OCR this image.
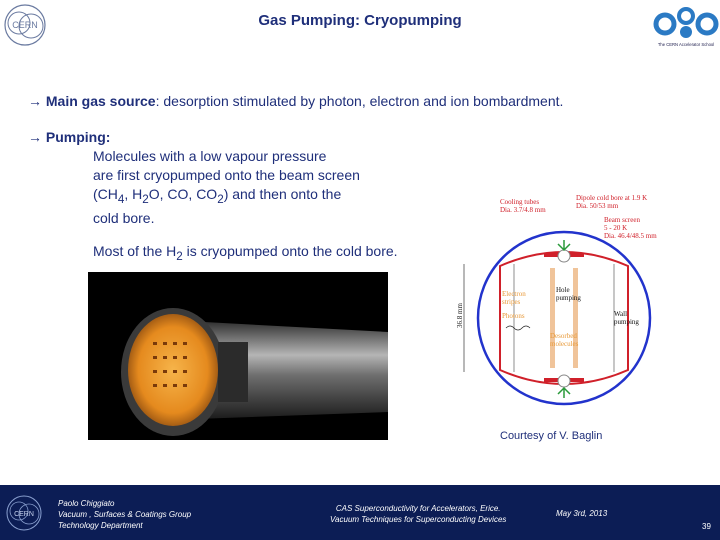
Gas Pumping: Cryopumping
CERN
The CERN Accelerator School
→ Main gas source: desorption stimulated by photon, electron and ion bombardment.
→ Pumping:
Molecules with a low vapour pressure
are first cryopumped onto the beam screen
($CH_4$, $H_2O$, CO, $CO_2$) and then onto the
cold bore.
Most of the $H_2$ is cryopumped onto the cold bore.
Cooling tubes
Dia. 3.7/4.8 mm
Dipole cold bore at 1.9 K
Dia. 50/53 mm
Beam screen
5 - 20 K
Dia. 46.4/48.5 mm
Electron
stripes
Photons
Hole
pumping
Wall
pumping
Desorbed
molecules
36.8 mm
Courtesy of V. Baglin
CERN
Paolo Chiggiato
Vacuum , Surfaces & Coatings Group
Technology Department
CAS Superconductivity for Accelerators, Erice.
Vacuum Techniques for Superconducting Devices
May 3rd, 2013
39
